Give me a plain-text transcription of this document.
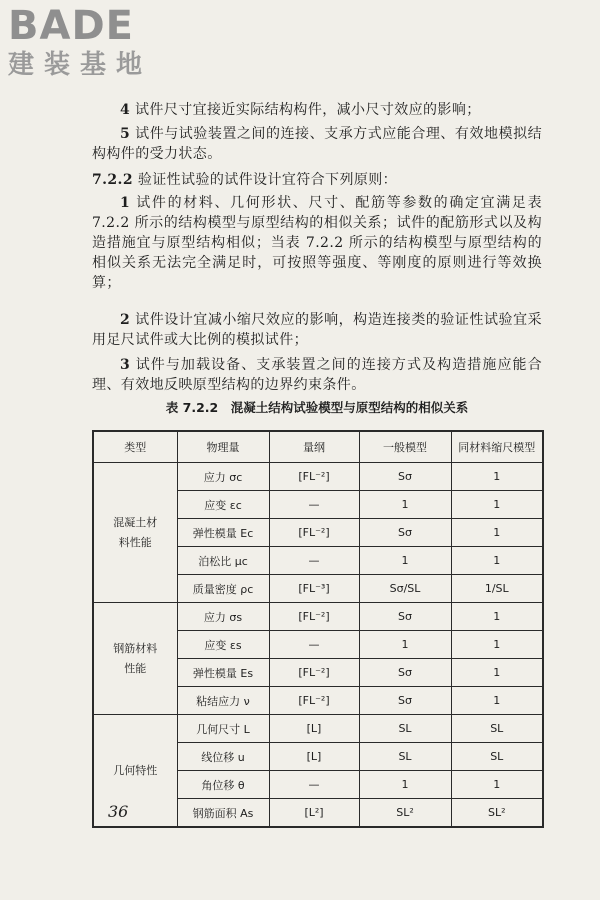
BADE
建装基地
4 试件尺寸宜接近实际结构构件，减小尺寸效应的影响；
5 试件与试验装置之间的连接、支承方式应能合理、有效地模拟结构构件的受力状态。
7.2.2 验证性试验的试件设计宜符合下列原则：
1 试件的材料、几何形状、尺寸、配筋等参数的确定宜满足表 7.2.2 所示的结构模型与原型结构的相似关系；试件的配筋形式以及构造措施宜与原型结构相似；当表 7.2.2 所示的结构模型与原型结构的相似关系无法完全满足时，可按照等强度、等刚度的原则进行等效换算；
2 试件设计宜减小缩尺效应的影响，构造连接类的验证性试验宜采用足尺试件或大比例的模拟试件；
3 试件与加载设备、支承装置之间的连接方式及构造措施应能合理、有效地反映原型结构的边界约束条件。
表 7.2.2　混凝土结构试验模型与原型结构的相似关系
类型	物理量	量纲	一般模型	同材料缩尺模型
混凝土材料性能	应力 σc	[FL⁻²]	Sσ	1
	应变 εc	—	1	1
	弹性模量 Ec	[FL⁻²]	Sσ	1
	泊松比 μc	—	1	1
	质量密度 ρc	[FL⁻³]	Sσ/SL	1/SL
钢筋材料性能	应力 σs	[FL⁻²]	Sσ	1
	应变 εs	—	1	1
	弹性模量 Es	[FL⁻²]	Sσ	1
	粘结应力 ν	[FL⁻²]	Sσ	1
几何特性	几何尺寸 L	[L]	SL	SL
	线位移 u	[L]	SL	SL
	角位移 θ	—	1	1
	钢筋面积 As	[L²]	SL²	SL²
36
